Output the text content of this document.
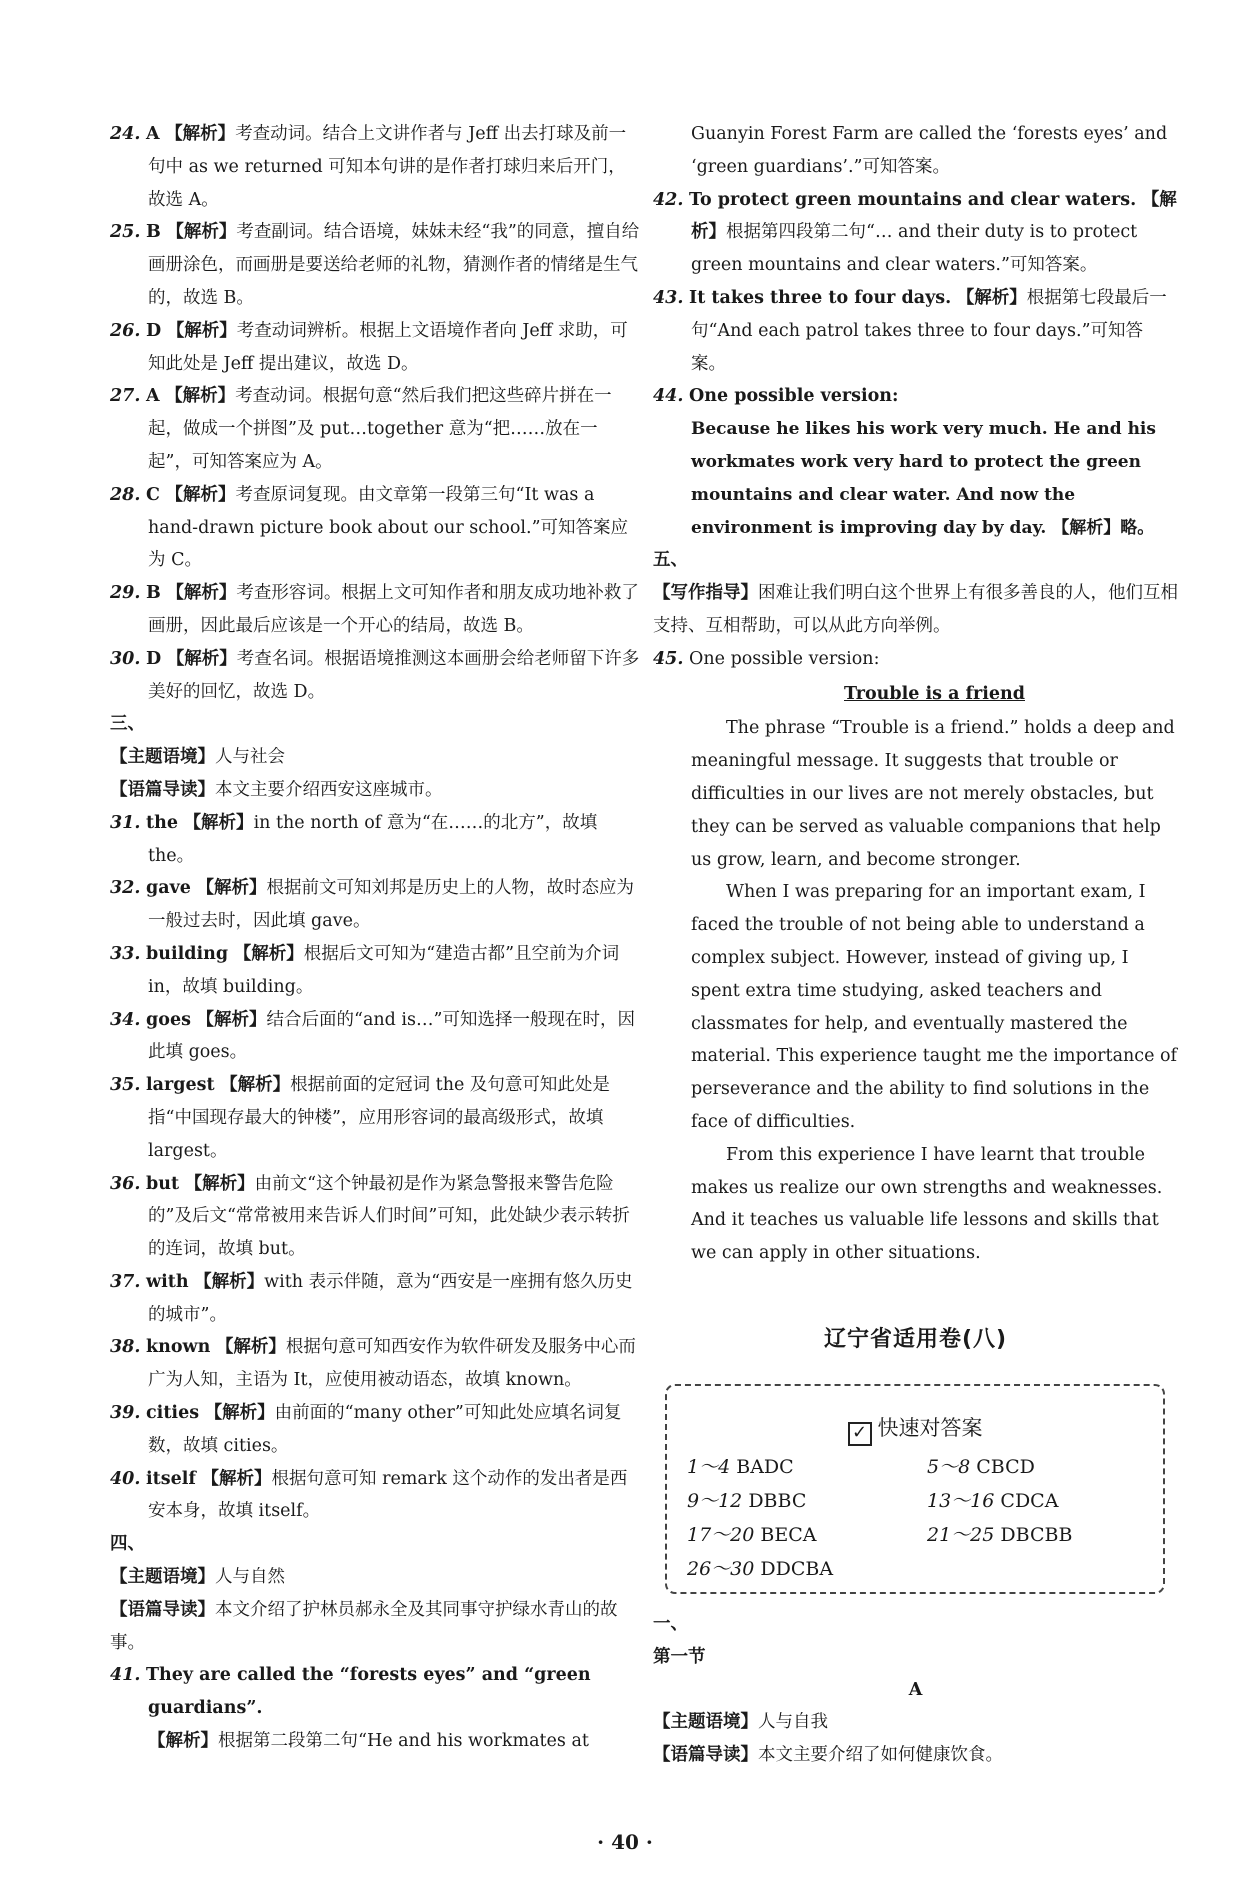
24. A 【解析】考查动词。结合上文讲作者与 Jeff 出去打球及前一句中 as we returned 可知本句讲的是作者打球归来后开门，故选 A。
25. B 【解析】考查副词。结合语境，妹妹未经“我”的同意，擅自给画册涂色，而画册是要送给老师的礼物，猜测作者的情绪是生气的，故选 B。
26. D 【解析】考查动词辨析。根据上文语境作者向 Jeff 求助，可知此处是 Jeff 提出建议，故选 D。
27. A 【解析】考查动词。根据句意“然后我们把这些碎片拼在一起，做成一个拼图”及 put…together 意为“把……放在一起”，可知答案应为 A。
28. C 【解析】考查原词复现。由文章第一段第三句“It was a hand-drawn picture book about our school.”可知答案应为 C。
29. B 【解析】考查形容词。根据上文可知作者和朋友成功地补救了画册，因此最后应该是一个开心的结局，故选 B。
30. D 【解析】考查名词。根据语境推测这本画册会给老师留下许多美好的回忆，故选 D。
三、
【主题语境】人与社会
【语篇导读】本文主要介绍西安这座城市。
31. the 【解析】in the north of 意为“在……的北方”，故填 the。
32. gave 【解析】根据前文可知刘邦是历史上的人物，故时态应为一般过去时，因此填 gave。
33. building 【解析】根据后文可知为“建造古都”且空前为介词 in，故填 building。
34. goes 【解析】结合后面的“and is…”可知选择一般现在时，因此填 goes。
35. largest 【解析】根据前面的定冠词 the 及句意可知此处是指“中国现存最大的钟楼”，应用形容词的最高级形式，故填 largest。
36. but 【解析】由前文“这个钟最初是作为紧急警报来警告危险的”及后文“常常被用来告诉人们时间”可知，此处缺少表示转折的连词，故填 but。
37. with 【解析】with 表示伴随，意为“西安是一座拥有悠久历史的城市”。
38. known 【解析】根据句意可知西安作为软件研发及服务中心而广为人知，主语为 It，应使用被动语态，故填 known。
39. cities 【解析】由前面的“many other”可知此处应填名词复数，故填 cities。
40. itself 【解析】根据句意可知 remark 这个动作的发出者是西安本身，故填 itself。
四、
【主题语境】人与自然
【语篇导读】本文介绍了护林员郝永全及其同事守护绿水青山的故事。
41. They are called the “forests eyes” and “green guardians”.
【解析】根据第二段第二句“He and his workmates at
Guanyin Forest Farm are called the ‘forests eyes’ and ‘green guardians’.”可知答案。
42. To protect green mountains and clear waters. 【解析】根据第四段第二句“… and their duty is to protect green mountains and clear waters.”可知答案。
43. It takes three to four days. 【解析】根据第七段最后一句“And each patrol takes three to four days.”可知答案。
44. One possible version:
Because he likes his work very much. He and his workmates work very hard to protect the green mountains and clear water. And now the environment is improving day by day. 【解析】略。
五、
【写作指导】困难让我们明白这个世界上有很多善良的人，他们互相支持、互相帮助，可以从此方向举例。
45. One possible version:
Trouble is a friend
The phrase “Trouble is a friend.” holds a deep and meaningful message. It suggests that trouble or difficulties in our lives are not merely obstacles, but they can be served as valuable companions that help us grow, learn, and become stronger.
When I was preparing for an important exam, I faced the trouble of not being able to understand a complex subject. However, instead of giving up, I spent extra time studying, asked teachers and classmates for help, and eventually mastered the material. This experience taught me the importance of perseverance and the ability to find solutions in the face of difficulties.
From this experience I have learnt that trouble makes us realize our own strengths and weaknesses. And it teaches us valuable life lessons and skills that we can apply in other situations.
辽宁省适用卷(八)
✓ 快速对答案
1～4 BADC	5～8 CBCD
9～12 DBBC	13～16 CDCA
17～20 BECA	21～25 DBCBB
26～30 DDCBA
一、
第一节
A
【主题语境】人与自我
【语篇导读】本文主要介绍了如何健康饮食。
· 40 ·
